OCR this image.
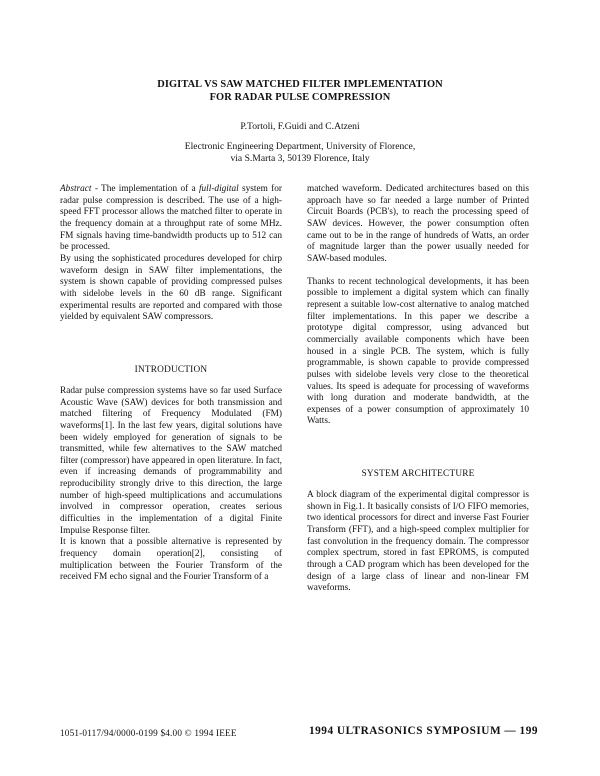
DIGITAL VS SAW MATCHED FILTER IMPLEMENTATION
FOR RADAR PULSE COMPRESSION
P.Tortoli, F.Guidi and C.Atzeni
Electronic Engineering Department, University of Florence,
via S.Marta 3, 50139 Florence, Italy

Abstract - The implementation of a full-digital system for radar pulse compression is described. The use of a high-speed FFT processor allows the matched filter to operate in the frequency domain at a throughput rate of some MHz. FM signals having time-bandwidth products up to 512 can be processed.

By using the sophisticated procedures developed for chirp waveform design in SAW filter implementations, the system is shown capable of providing compressed pulses with sidelobe levels in the 60 dB range. Significant experimental results are reported and compared with those yielded by equivalent SAW compressors.

INTRODUCTION

Radar pulse compression systems have so far used Surface Acoustic Wave (SAW) devices for both transmission and matched filtering of Frequency Modulated (FM) waveforms[1]. In the last few years, digital solutions have been widely employed for generation of signals to be transmitted, while few alternatives to the SAW matched filter (compressor) have appeared in open literature. In fact, even if increasing demands of programmability and reproducibility strongly drive to this direction, the large number of high-speed multiplications and accumulations involved in compressor operation, creates serious difficulties in the implementation of a digital Finite Impulse Response filter.

It is known that a possible alternative is represented by frequency domain operation[2], consisting of multiplication between the Fourier Transform of the received FM echo signal and the Fourier Transform of a

matched waveform. Dedicated architectures based on this approach have so far needed a large number of Printed Circuit Boards (PCB's), to reach the processing speed of SAW devices. However, the power consumption often came out to be in the range of hundreds of Watts, an order of magnitude larger than the power usually needed for SAW-based modules.

Thanks to recent technological developments, it has been possible to implement a digital system which can finally represent a suitable low-cost alternative to analog matched filter implementations. In this paper we describe a prototype digital compressor, using advanced but commercially available components which have been housed in a single PCB. The system, which is fully programmable, is shown capable to provide compressed pulses with sidelobe levels very close to the theoretical values. Its speed is adequate for processing of waveforms with long duration and moderate bandwidth, at the expenses of a power consumption of approximately 10 Watts.

SYSTEM ARCHITECTURE

A block diagram of the experimental digital compressor is shown in Fig.1. It basically consists of I/O FIFO memories, two identical processors for direct and inverse Fast Fourier Transform (FFT), and a high-speed complex multiplier for fast convolution in the frequency domain. The compressor complex spectrum, stored in fast EPROMS, is computed through a CAD program which has been developed for the design of a large class of linear and non-linear FM waveforms.

1051-0117/94/0000-0199 $4.00 © 1994 IEEE	1994 ULTRASONICS SYMPOSIUM — 199
